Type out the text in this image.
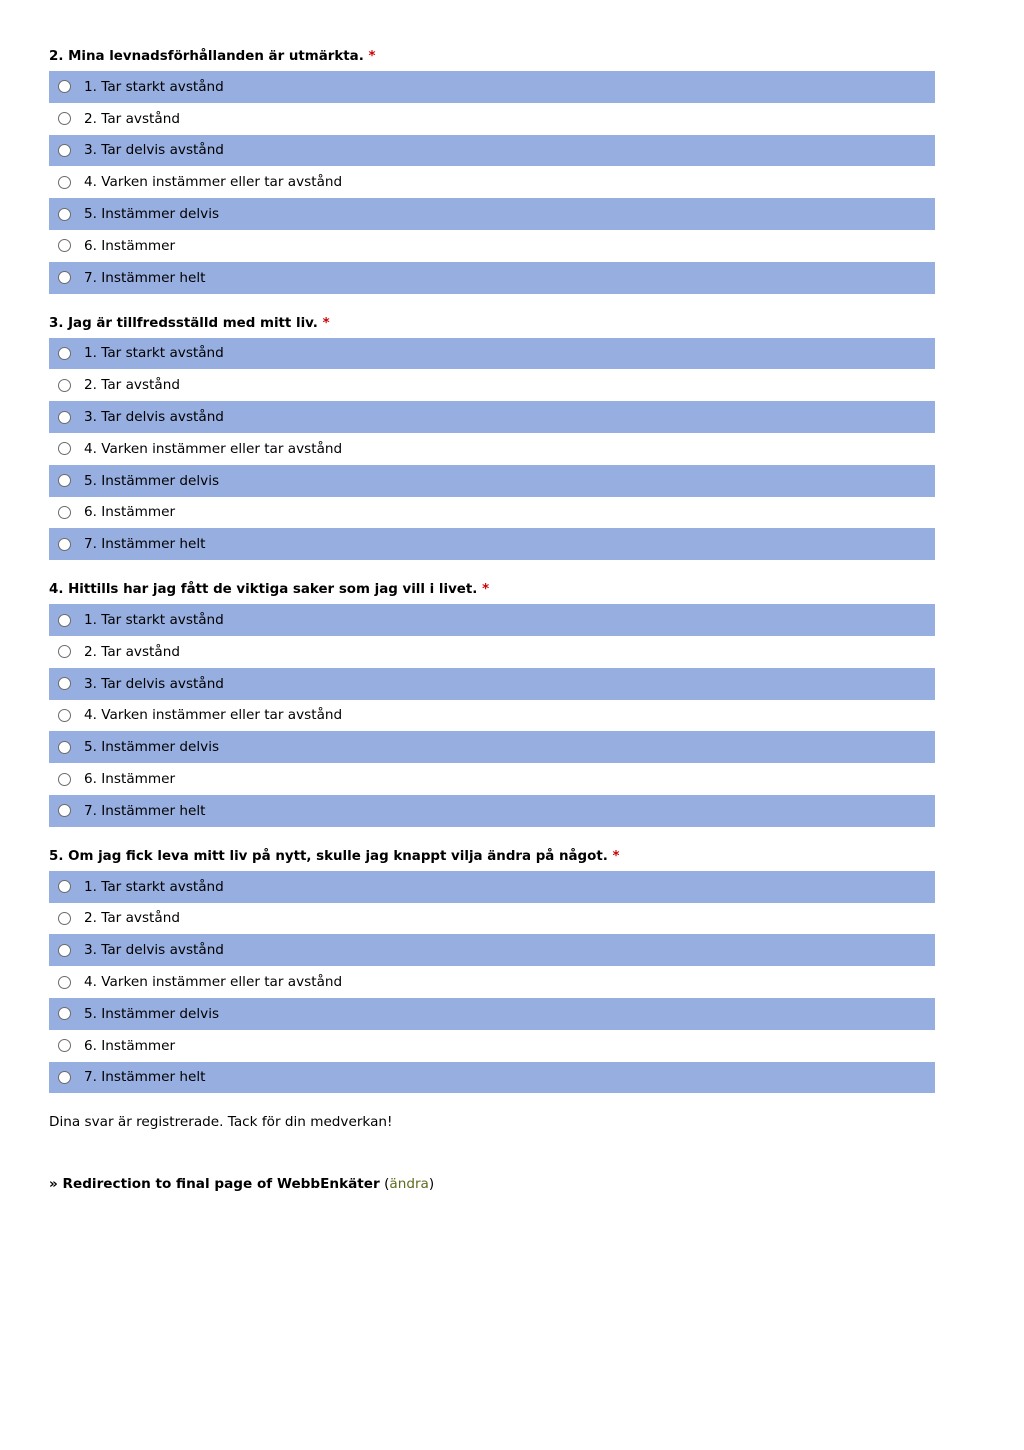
2. Mina levnadsförhållanden är utmärkta. *

1. Tar starkt avstånd
2. Tar avstånd
3. Tar delvis avstånd
4. Varken instämmer eller tar avstånd
5. Instämmer delvis
6. Instämmer
7. Instämmer helt

3. Jag är tillfredsställd med mitt liv. *

1. Tar starkt avstånd
2. Tar avstånd
3. Tar delvis avstånd
4. Varken instämmer eller tar avstånd
5. Instämmer delvis
6. Instämmer
7. Instämmer helt

4. Hittills har jag fått de viktiga saker som jag vill i livet. *

1. Tar starkt avstånd
2. Tar avstånd
3. Tar delvis avstånd
4. Varken instämmer eller tar avstånd
5. Instämmer delvis
6. Instämmer
7. Instämmer helt

5. Om jag fick leva mitt liv på nytt, skulle jag knappt vilja ändra på något. *

1. Tar starkt avstånd
2. Tar avstånd
3. Tar delvis avstånd
4. Varken instämmer eller tar avstånd
5. Instämmer delvis
6. Instämmer
7. Instämmer helt
Dina svar är registrerade. Tack för din medverkan!
» Redirection to final page of WebbEnkäter (ändra)
